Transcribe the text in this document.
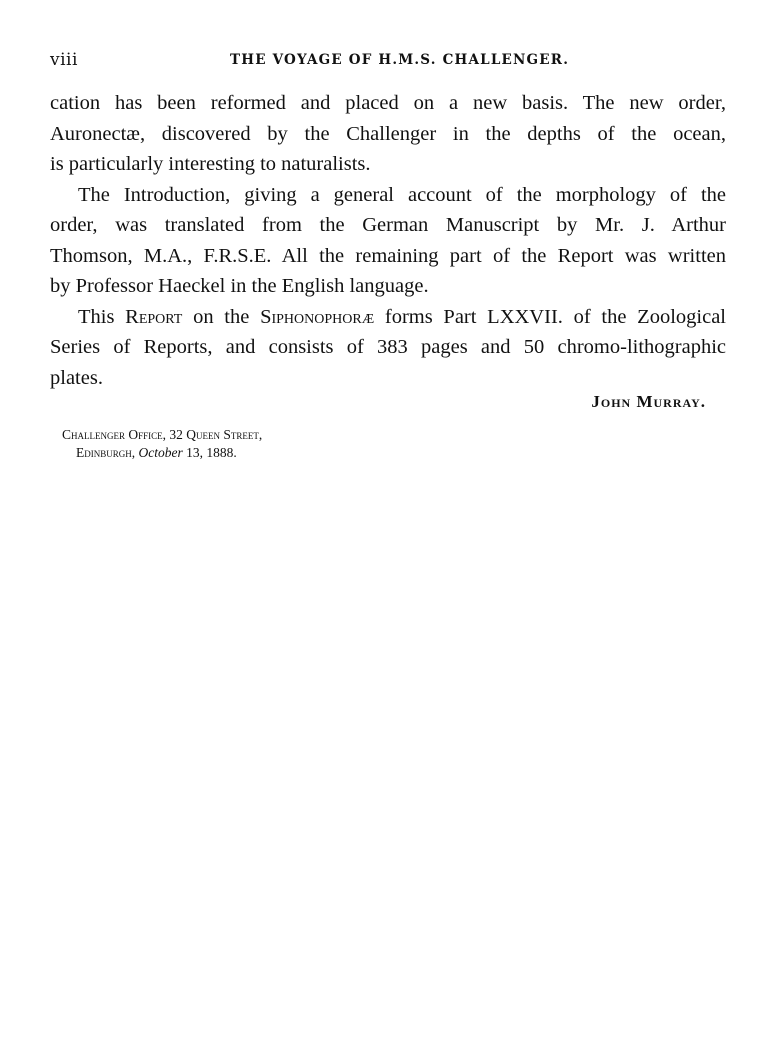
viii	THE VOYAGE OF H.M.S. CHALLENGER.

cation has been reformed and placed on a new basis. The new order,
Auronectæ, discovered by the Challenger in the depths of the ocean,
is particularly interesting to naturalists.

The Introduction, giving a general account of the morphology of the
order, was translated from the German Manuscript by Mr. J. Arthur
Thomson, M.A., F.R.S.E. All the remaining part of the Report was written
by Professor Haeckel in the English language.

This Report on the Siphonophoræ forms Part LXXVII. of the Zoological
Series of Reports, and consists of 383 pages and 50 chromo-lithographic
plates.

John Murray.
Challenger Office, 32 Queen Street,
Edinburgh, October 13, 1888.
